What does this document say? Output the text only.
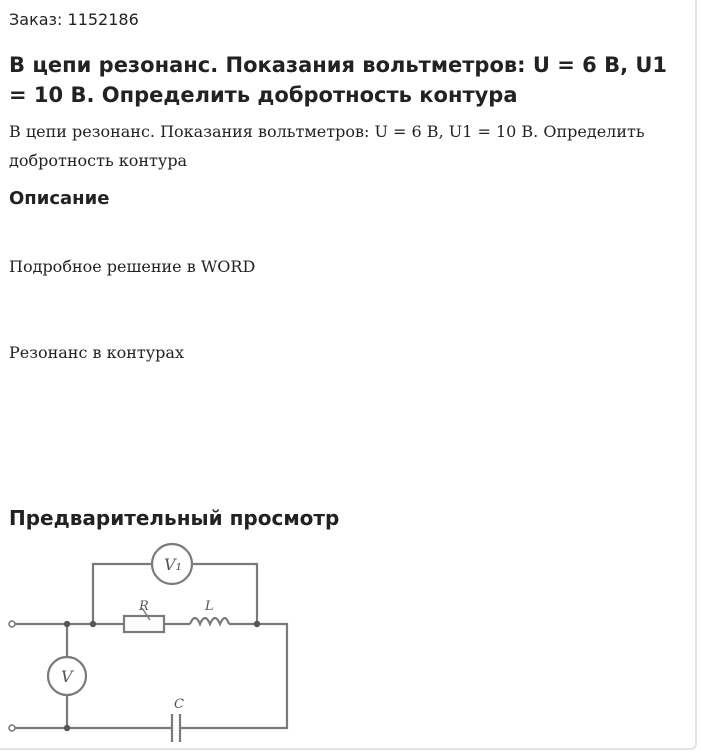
Заказ: 1152186
В цепи резонанс. Показания вольтметров: U = 6 В, U1 = 10 В. Определить добротность контура
В цепи резонанс. Показания вольтметров: U = 6 В, U1 = 10 В. Определить добротность контура
Описание
Подробное решение в WORD
Резонанс в контурах
Предварительный просмотр
V₁
V
R	L
C
